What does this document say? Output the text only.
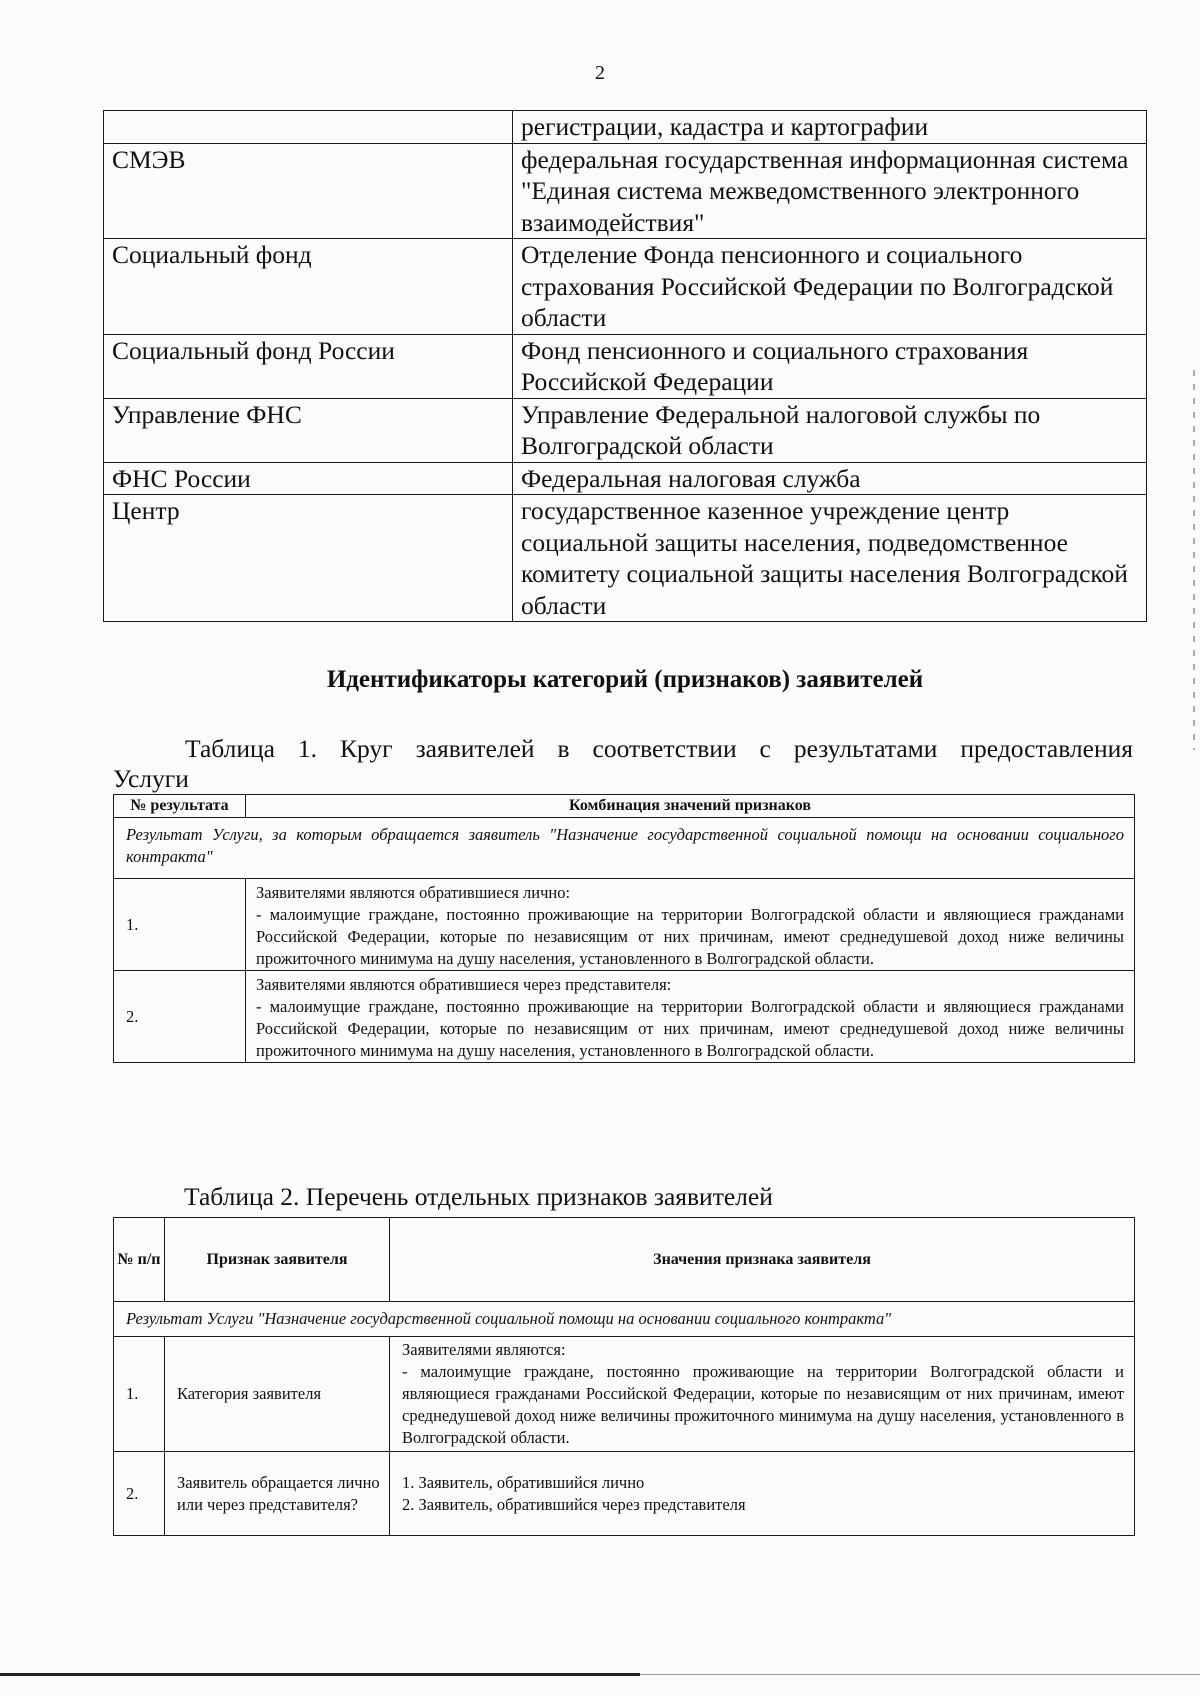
2
	регистрации, кадастра и картографии
СМЭВ	федеральная государственная информационная система "Единая система межведомственного электронного взаимодействия"
Социальный фонд	Отделение Фонда пенсионного и социального страхования Российской Федерации по Волгоградской области
Социальный фонд России	Фонд пенсионного и социального страхования Российской Федерации
Управление ФНС	Управление Федеральной налоговой службы по Волгоградской области
ФНС России	Федеральная налоговая служба
Центр	государственное казенное учреждение центр социальной защиты населения, подведомственное комитету социальной защиты населения Волгоградской области
Идентификаторы категорий (признаков) заявителей
Таблица 1. Круг заявителей в соответствии с результатами предоставления Услуги
№ результата	Комбинация значений признаков
Результат Услуги, за которым обращается заявитель "Назначение государственной социальной помощи на основании социального контракта"	
1.	Заявителями являются обратившиеся лично:
- малоимущие граждане, постоянно проживающие на территории Волгоградской области и являющиеся гражданами Российской Федерации, которые по независящим от них причинам, имеют среднедушевой доход ниже величины прожиточного минимума на душу населения, установленного в Волгоградской области.

2.	Заявителями являются обратившиеся через представителя:
- малоимущие граждане, постоянно проживающие на территории Волгоградской области и являющиеся гражданами Российской Федерации, которые по независящим от них причинам, имеют среднедушевой доход ниже величины прожиточного минимума на душу населения, установленного в Волгоградской области.
Таблица 2. Перечень отдельных признаков заявителей
№ п/п	Признак заявителя	Значения признака заявителя
Результат Услуги "Назначение государственной социальной помощи на основании социального контракта"		
1.	Категория заявителя	Заявителями являются:
- малоимущие граждане, постоянно проживающие на территории Волгоградской области и являющиеся гражданами Российской Федерации, которые по независящим от них причинам, имеют среднедушевой доход ниже величины прожиточного минимума на душу населения, установленного в Волгоградской области.

2.	Заявитель обращается лично или через представителя?	1. Заявитель, обратившийся лично
2. Заявитель, обратившийся через представителя
